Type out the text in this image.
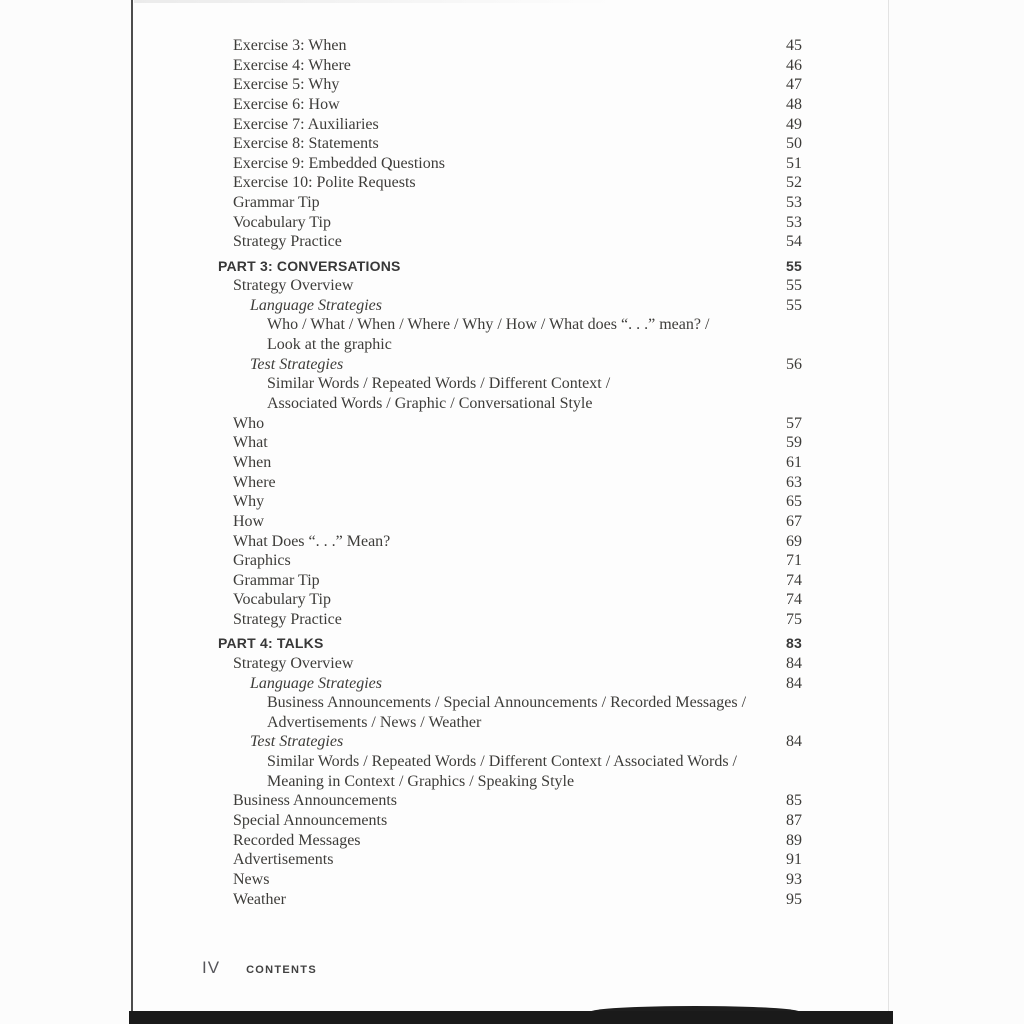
Exercise 3: When	45
Exercise 4: Where	46
Exercise 5: Why	47
Exercise 6: How	48
Exercise 7: Auxiliaries	49
Exercise 8: Statements	50
Exercise 9: Embedded Questions	51
Exercise 10: Polite Requests	52
Grammar Tip	53
Vocabulary Tip	53
Strategy Practice	54
PART 3: CONVERSATIONS	55
Strategy Overview	55
Language Strategies	55
Who / What / When / Where / Why / How / What does “. . .” mean? /
Look at the graphic
Test Strategies	56
Similar Words / Repeated Words / Different Context /
Associated Words / Graphic / Conversational Style
Who	57
What	59
When	61
Where	63
Why	65
How	67
What Does “. . .” Mean?	69
Graphics	71
Grammar Tip	74
Vocabulary Tip	74
Strategy Practice	75
PART 4: TALKS	83
Strategy Overview	84
Language Strategies	84
Business Announcements / Special Announcements / Recorded Messages /
Advertisements / News / Weather
Test Strategies	84
Similar Words / Repeated Words / Different Context / Associated Words /
Meaning in Context / Graphics / Speaking Style
Business Announcements	85
Special Announcements	87
Recorded Messages	89
Advertisements	91
News	93
Weather	95
IV CONTENTS
